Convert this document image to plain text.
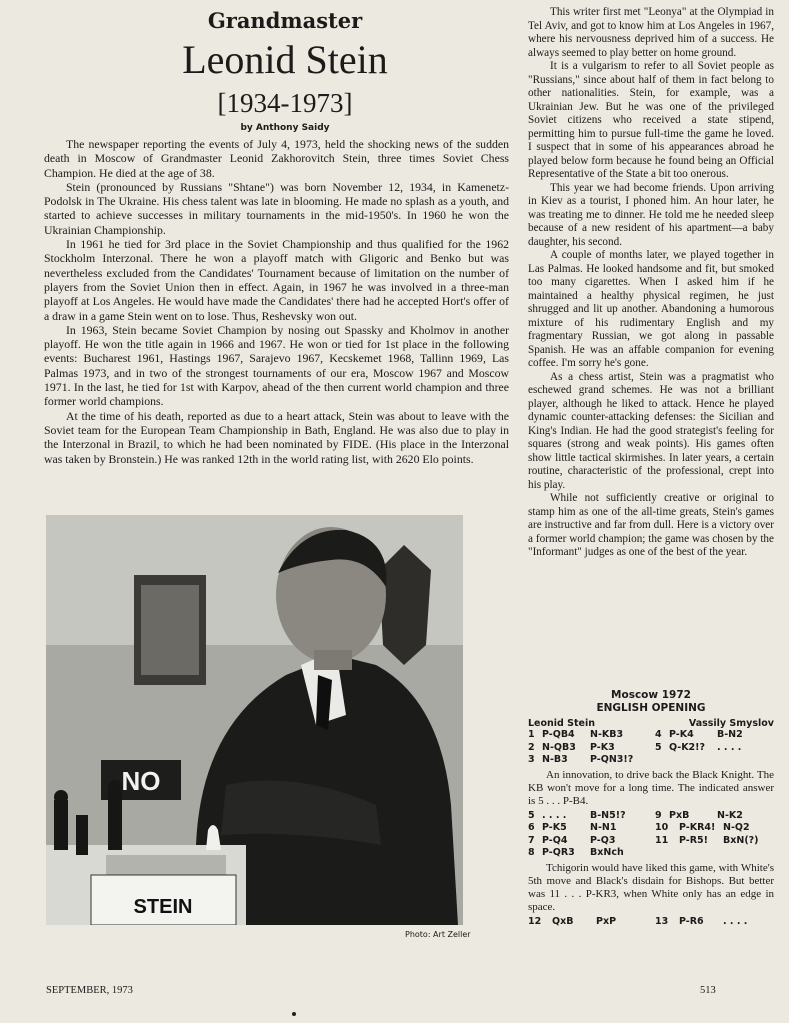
Grandmaster
Leonid Stein
[1934-1973]
by Anthony Saidy

The newspaper reporting the events of July 4, 1973, held the shocking news of the sudden death in Moscow of Grandmaster Leonid Zakhorovitch Stein, three times Soviet Chess Champion. He died at the age of 38.

Stein (pronounced by Russians "Shtane") was born November 12, 1934, in Kamenetz-Podolsk in The Ukraine. His chess talent was late in blooming. He made no splash as a youth, and started to achieve successes in military tournaments in the mid-1950's. In 1960 he won the Ukrainian Championship.

In 1961 he tied for 3rd place in the Soviet Championship and thus qualified for the 1962 Stockholm Interzonal. There he won a playoff match with Gligoric and Benko but was nevertheless excluded from the Candidates' Tournament because of limitation on the number of players from the Soviet Union then in effect. Again, in 1967 he was involved in a three-man playoff at Los Angeles. He would have made the Candidates' there had he accepted Hort's offer of a draw in a game Stein went on to lose. Thus, Reshevsky won out.

In 1963, Stein became Soviet Champion by nosing out Spassky and Kholmov in another playoff. He won the title again in 1966 and 1967. He won or tied for 1st place in the following events: Bucharest 1961, Hastings 1967, Sarajevo 1967, Kecskemet 1968, Tallinn 1969, Las Palmas 1973, and in two of the strongest tournaments of our era, Moscow 1967 and Moscow 1971. In the last, he tied for 1st with Karpov, ahead of the then current world champion and three former world champions.

At the time of his death, reported as due to a heart attack, Stein was about to leave with the Soviet team for the European Team Championship in Bath, England. He was also due to play in the Interzonal in Brazil, to which he had been nominated by FIDE. (His place in the Interzonal was taken by Bronstein.) He was ranked 12th in the world rating list, with 2620 Elo points.

NO
STEIN
Photo: Art Zeller

This writer first met "Leonya" at the Olympiad in Tel Aviv, and got to know him at Los Angeles in 1967, where his nervousness deprived him of a success. He always seemed to play better on home ground.

It is a vulgarism to refer to all Soviet people as "Russians," since about half of them in fact belong to other nationalities. Stein, for example, was a Ukrainian Jew. But he was one of the privileged Soviet citizens who received a state stipend, permitting him to pursue full-time the game he loved. I suspect that in some of his appearances abroad he played below form because he found being an Official Representative of the State a bit too onerous.

This year we had become friends. Upon arriving in Kiev as a tourist, I phoned him. An hour later, he was treating me to dinner. He told me he needed sleep because of a new resident of his apartment—a baby daughter, his second.

A couple of months later, we played together in Las Palmas. He looked handsome and fit, but smoked too many cigarettes. When I asked him if he maintained a healthy physical regimen, he just shrugged and lit up another. Abandoning a humorous mixture of his rudimentary English and my fragmentary Russian, we got along in passable Spanish. He was an affable companion for evening coffee. I'm sorry he's gone.

As a chess artist, Stein was a pragmatist who eschewed grand schemes. He was not a brilliant player, although he liked to attack. Hence he played dynamic counter-attacking defenses: the Sicilian and King's Indian. He had the good strategist's feeling for squares (strong and weak points). His games often show little tactical skirmishes. In later years, a certain routine, characteristic of the professional, crept into his play.

While not sufficiently creative or original to stamp him as one of the all-time greats, Stein's games are instructive and far from dull. Here is a victory over a former world champion; the game was chosen by the "Informant" judges as one of the best of the year.

Moscow 1972
ENGLISH OPENING
Leonid Stein	Vassily Smyslov
1 P-QB4	N-KB3
2 N-QB3	P-K3
3 N-B3	P-QN3!?
4 P-K4	B-N2
5 Q-K2!?	. . . .

An innovation, to drive back the Black Knight. The KB won't move for a long time. The indicated answer is 5 . . . P-B4.

5 . . . .	B-N5!?
6 P-K5	N-N1
7 P-Q4	P-Q3
8 P-QR3	BxNch
9 PxB	N-K2
10	P-KR4! N-Q2
11	P-R5!	BxN(?)

Tchigorin would have liked this game, with White's 5th move and Black's disdain for Bishops. But better was 11 . . . P-KR3, when White only has an edge in space.

12	QxB	PxP	13	P-R6	. . . .
SEPTEMBER, 1973	513
